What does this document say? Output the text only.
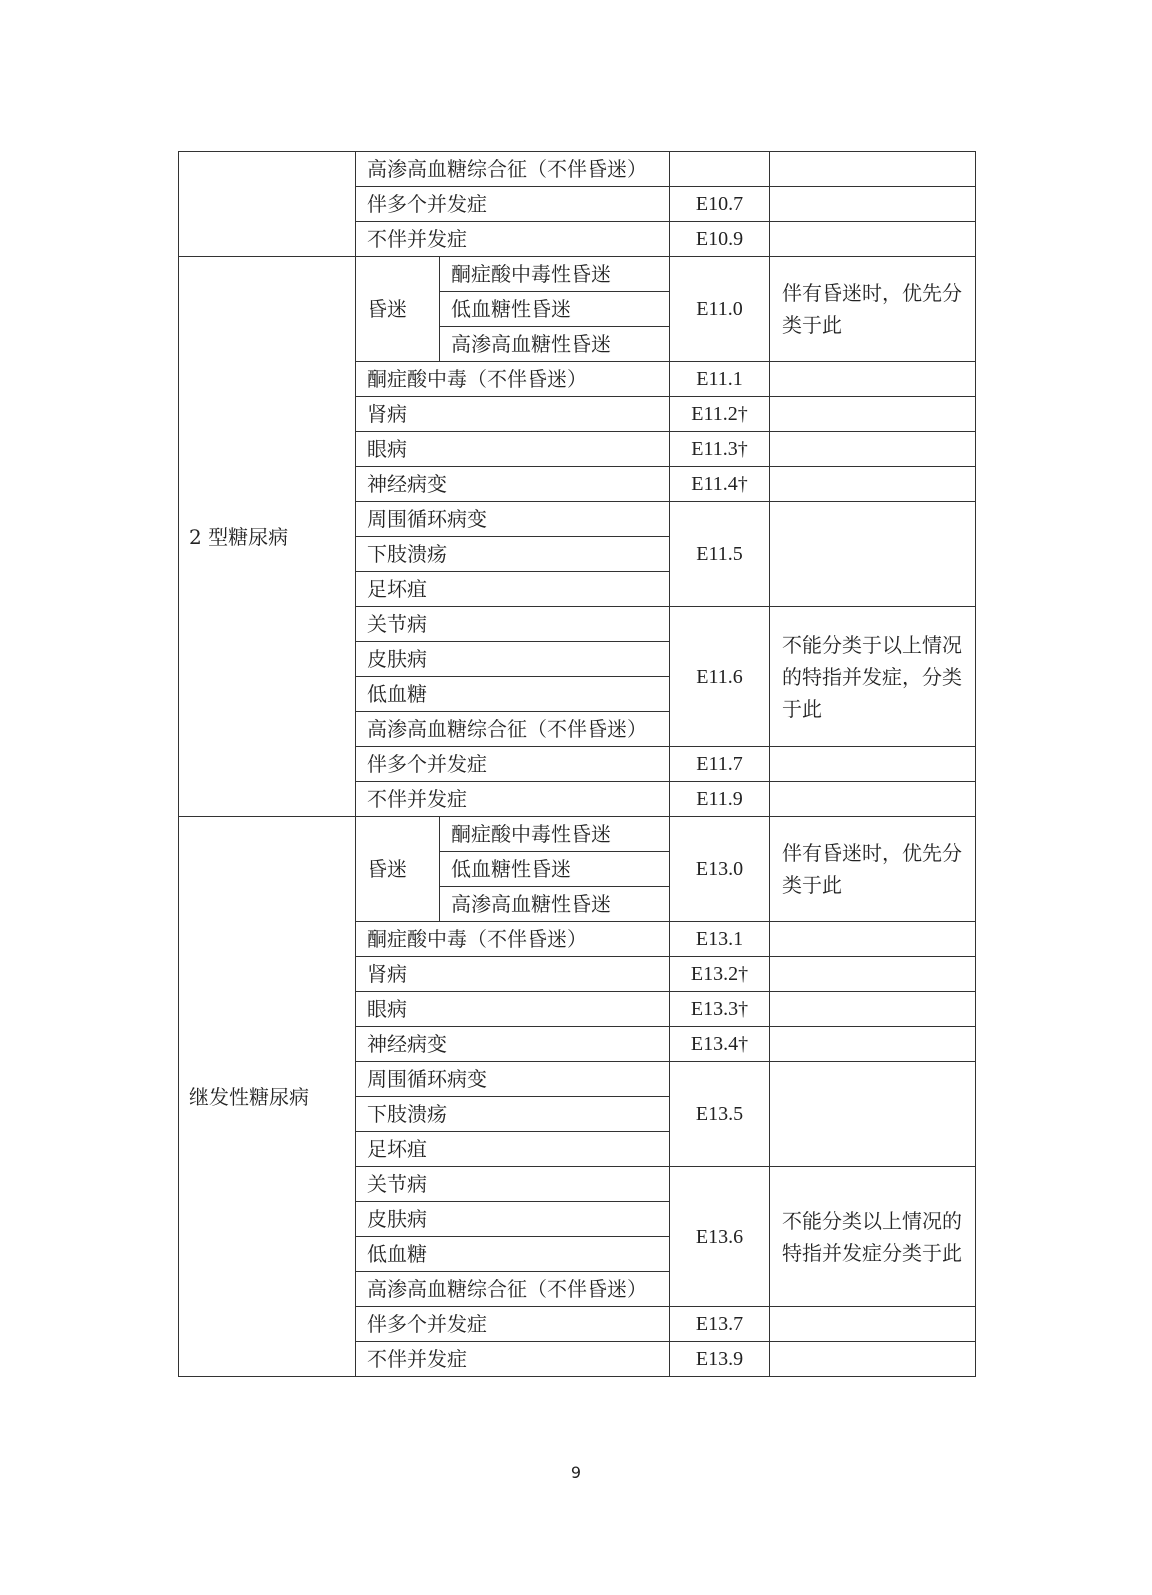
	高渗高血糖综合征（不伴昏迷）			
	伴多个并发症		E10.7	
	不伴并发症		E10.9	
2 型糖尿病	昏迷	酮症酸中毒性昏迷	E11.0	伴有昏迷时，优先分类于此
		低血糖性昏迷		
		高渗高血糖性昏迷		
	酮症酸中毒（不伴昏迷）		E11.1	
	肾病		E11.2†	
	眼病		E11.3†	
	神经病变		E11.4†	
	周围循环病变		E11.5	
	下肢溃疡			
	足坏疽			
	关节病		E11.6	不能分类于以上情况的特指并发症，分类于此
	皮肤病			
	低血糖			
	高渗高血糖综合征（不伴昏迷）			
	伴多个并发症		E11.7	
	不伴并发症		E11.9	
继发性糖尿病	昏迷	酮症酸中毒性昏迷	E13.0	伴有昏迷时，优先分类于此
		低血糖性昏迷		
		高渗高血糖性昏迷		
	酮症酸中毒（不伴昏迷）		E13.1	
	肾病		E13.2†	
	眼病		E13.3†	
	神经病变		E13.4†	
	周围循环病变		E13.5	
	下肢溃疡			
	足坏疽			
	关节病		E13.6	不能分类以上情况的特指并发症分类于此
	皮肤病			
	低血糖			
	高渗高血糖综合征（不伴昏迷）			
	伴多个并发症		E13.7	
	不伴并发症		E13.9	
9
